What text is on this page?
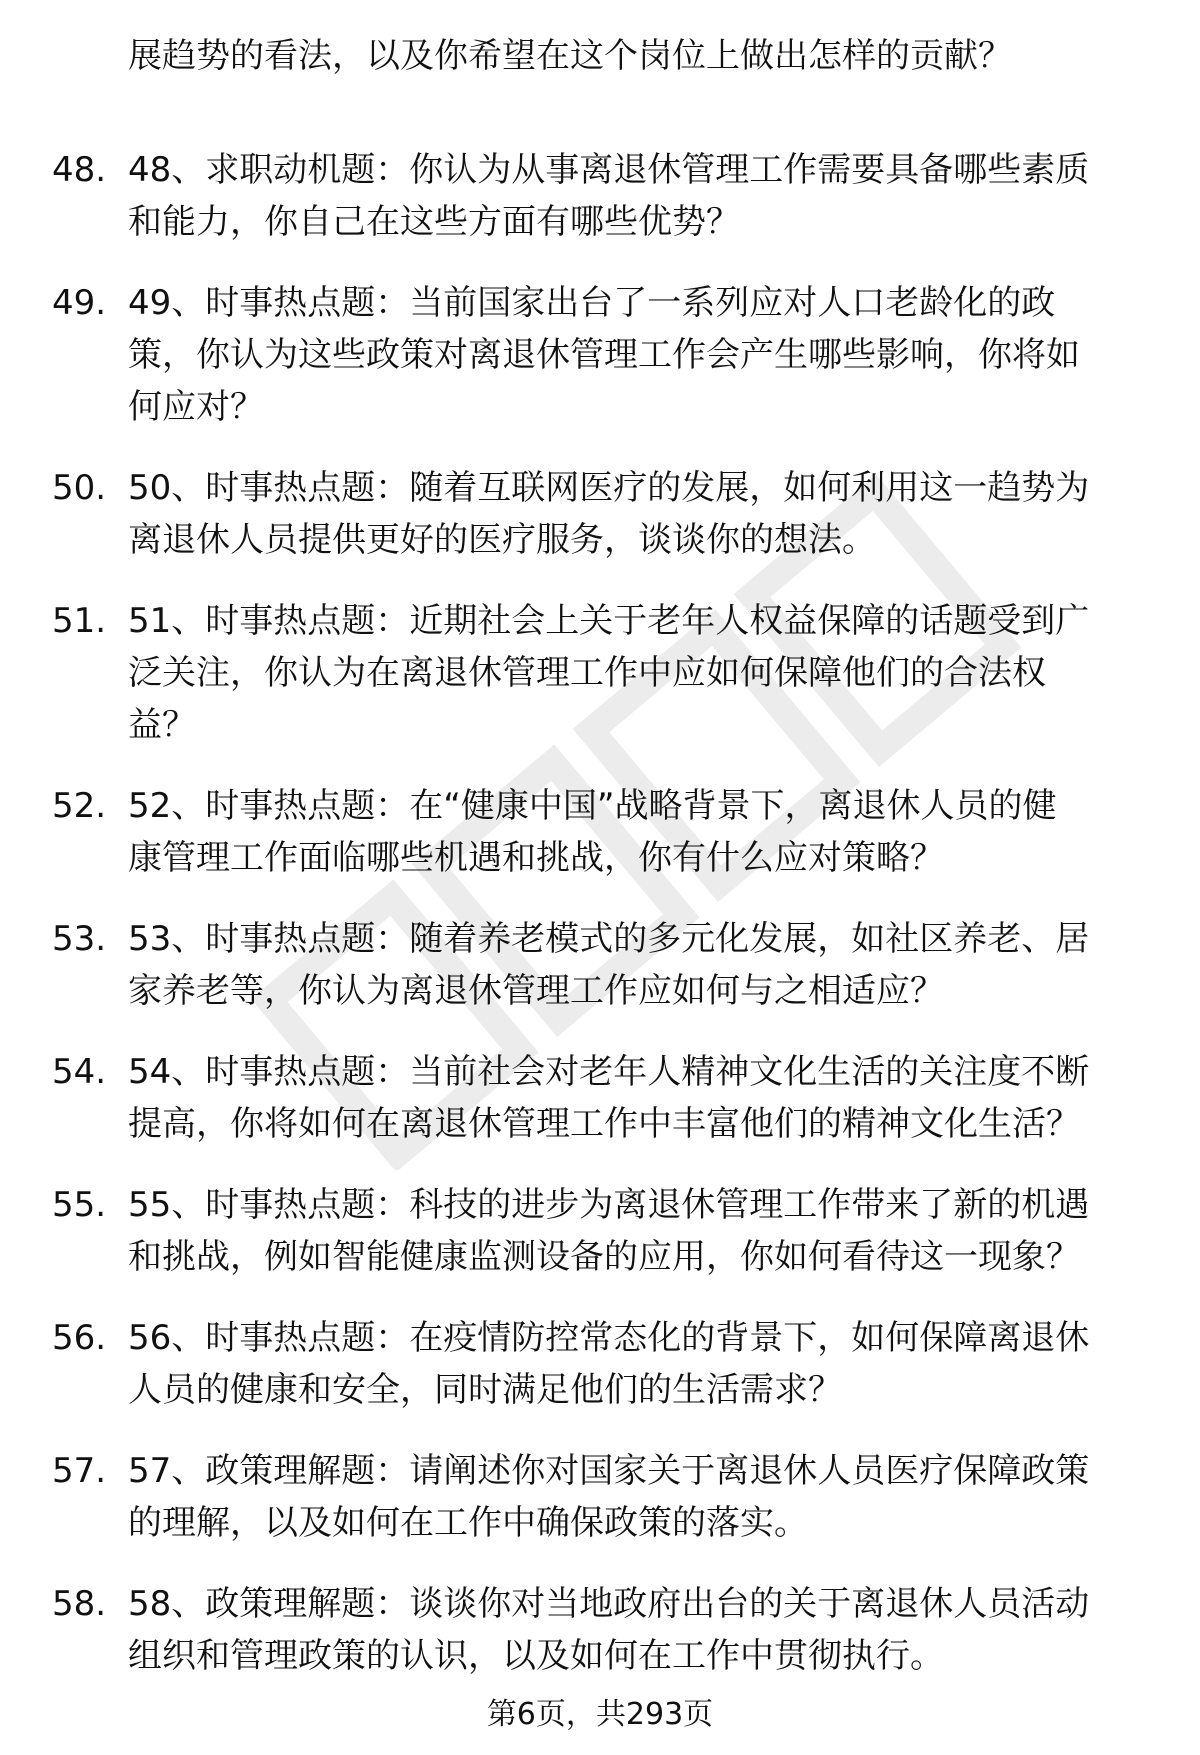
展趋势的看法，以及你希望在这个岗位上做出怎样的贡献？
48. 48、求职动机题：你认为从事离退休管理工作需要具备哪些素质
和能力，你自己在这些方面有哪些优势？
49. 49、时事热点题：当前国家出台了一系列应对人口老龄化的政
策，你认为这些政策对离退休管理工作会产生哪些影响，你将如
何应对？
50. 50、时事热点题：随着互联网医疗的发展，如何利用这一趋势为
离退休人员提供更好的医疗服务，谈谈你的想法。
51. 51、时事热点题：近期社会上关于老年人权益保障的话题受到广
泛关注，你认为在离退休管理工作中应如何保障他们的合法权
益？
52. 52、时事热点题：在“健康中国”战略背景下，离退休人员的健
康管理工作面临哪些机遇和挑战，你有什么应对策略？
53. 53、时事热点题：随着养老模式的多元化发展，如社区养老、居
家养老等，你认为离退休管理工作应如何与之相适应？
54. 54、时事热点题：当前社会对老年人精神文化生活的关注度不断
提高，你将如何在离退休管理工作中丰富他们的精神文化生活？
55. 55、时事热点题：科技的进步为离退休管理工作带来了新的机遇
和挑战，例如智能健康监测设备的应用，你如何看待这一现象？
56. 56、时事热点题：在疫情防控常态化的背景下，如何保障离退休
人员的健康和安全，同时满足他们的生活需求？
57. 57、政策理解题：请阐述你对国家关于离退休人员医疗保障政策
的理解，以及如何在工作中确保政策的落实。
58. 58、政策理解题：谈谈你对当地政府出台的关于离退休人员活动
组织和管理政策的认识，以及如何在工作中贯彻执行。
第6页，共293页
